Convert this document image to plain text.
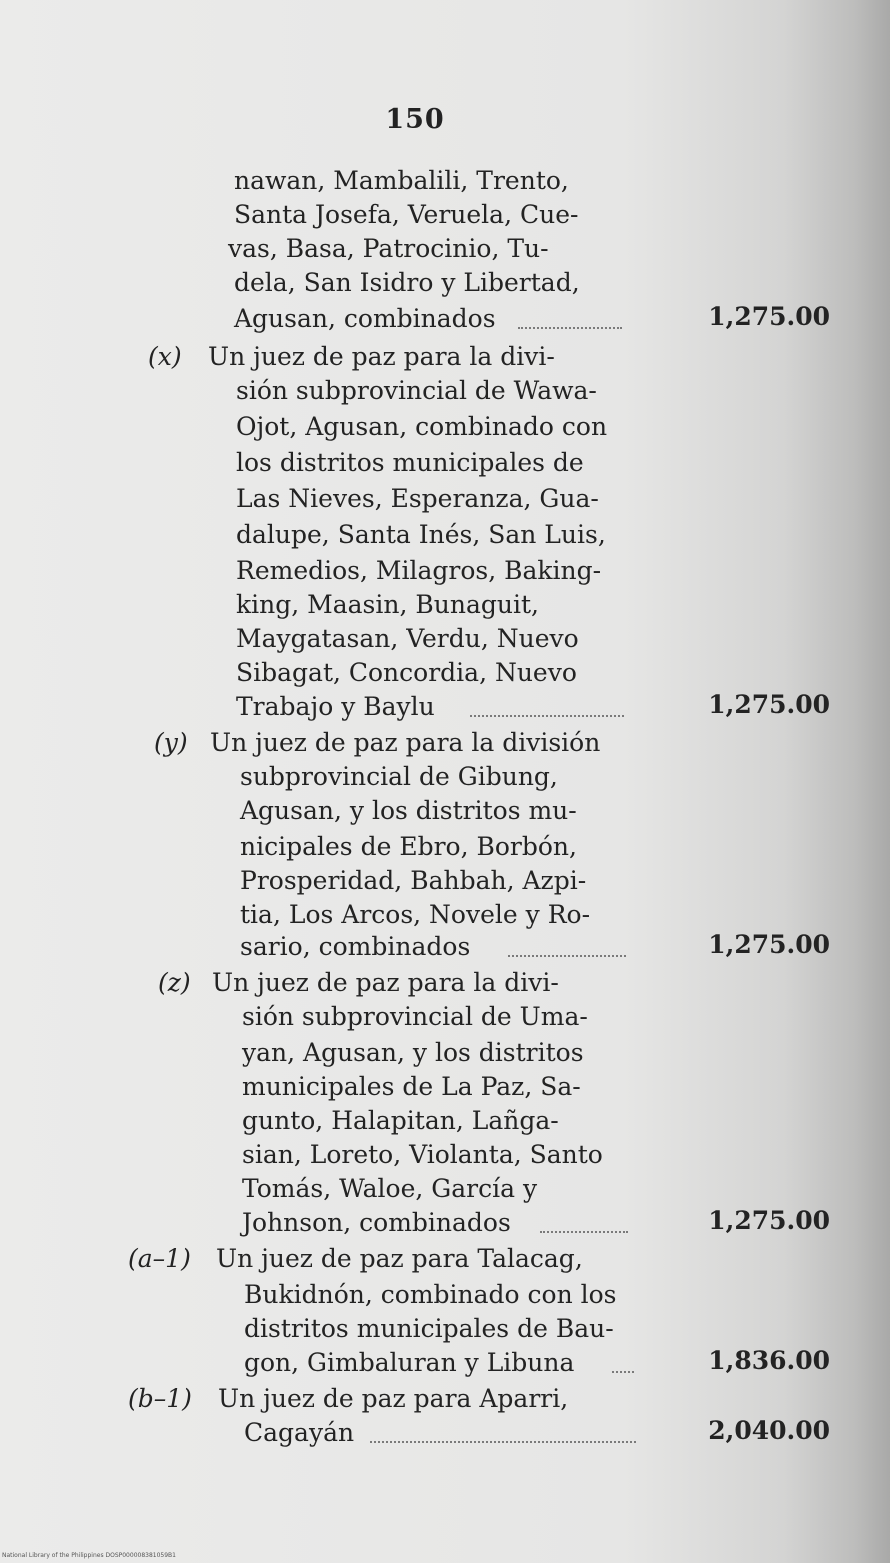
150
nawan, Mambalili, Trento,
Santa Josefa, Veruela, Cue-
vas, Basa, Patrocinio, Tu-
dela, San Isidro y Libertad,
Agusan, combinados	1,275.00
(x) Un juez de paz para la divi-
sión subprovincial de Wawa-
Ojot, Agusan, combinado con
los distritos municipales de
Las Nieves, Esperanza, Gua-
dalupe, Santa Inés, San Luis,
Remedios, Milagros, Baking-
king, Maasin, Bunaguit,
Maygatasan, Verdu, Nuevo
Sibagat, Concordia, Nuevo
Trabajo y Baylu	1,275.00
(y) Un juez de paz para la división
subprovincial de Gibung,
Agusan, y los distritos mu-
nicipales de Ebro, Borbón,
Prosperidad, Bahbah, Azpi-
tia, Los Arcos, Novele y Ro-
sario, combinados	1,275.00
(z) Un juez de paz para la divi-
sión subprovincial de Uma-
yan, Agusan, y los distritos
municipales de La Paz, Sa-
gunto, Halapitan, Lañga-
sian, Loreto, Violanta, Santo
Tomás, Waloe, García y
Johnson, combinados	1,275.00
(a–1) Un juez de paz para Talacag,
Bukidnón, combinado con los
distritos municipales de Bau-
gon, Gimbaluran y Libuna	1,836.00
(b–1) Un juez de paz para Aparri,
Cagayán	2,040.00
National Library of the Philippines DOSP000008381059B1
